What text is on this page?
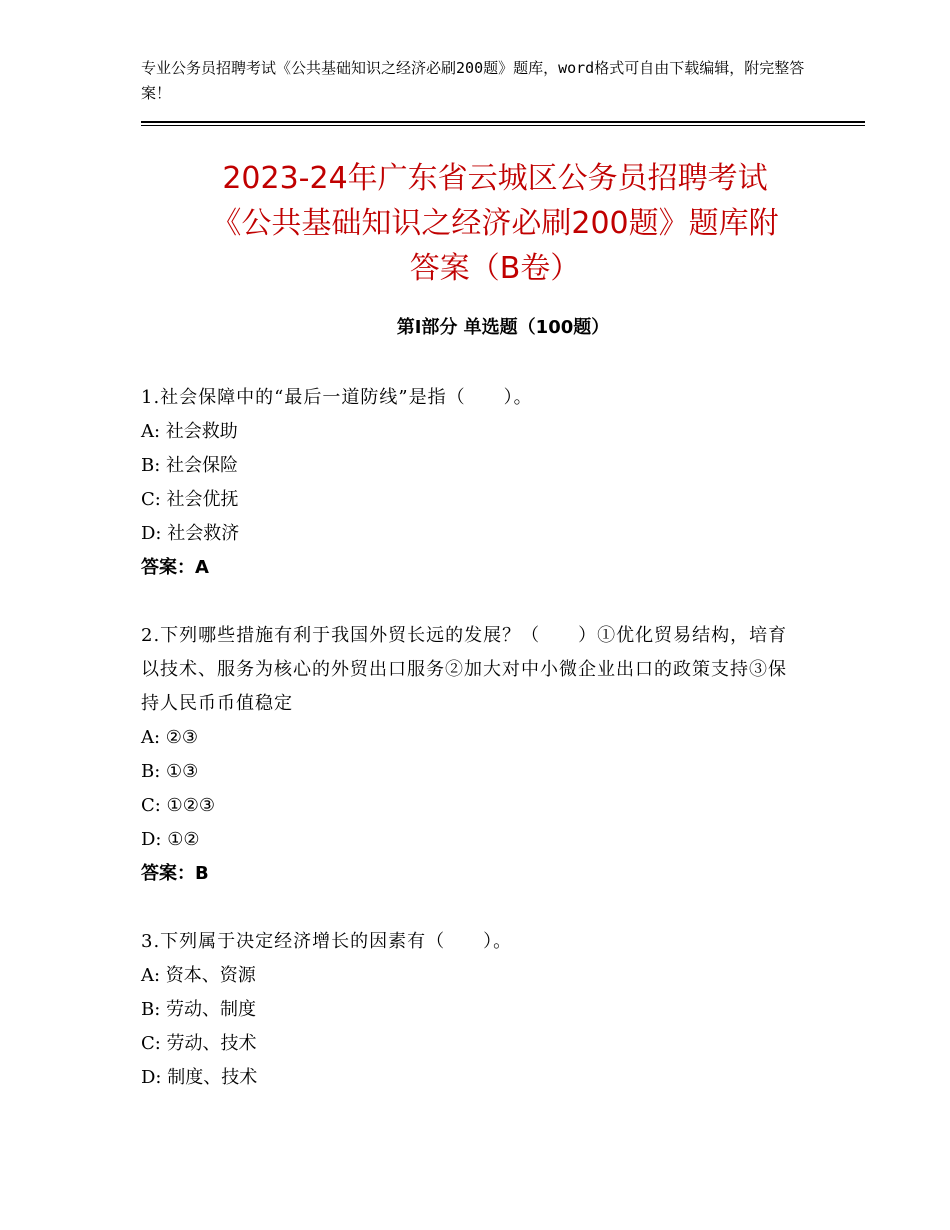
专业公务员招聘考试《公共基础知识之经济必刷200题》题库，word格式可自由下载编辑，附完整答案！
2023-24年广东省云城区公务员招聘考试
《公共基础知识之经济必刷200题》题库附
答案（B卷）
第Ⅰ部分 单选题（100题）
1.社会保障中的“最后一道防线”是指（　　）。
A: 社会救助
B: 社会保险
C: 社会优抚
D: 社会救济
答案：A
2.下列哪些措施有利于我国外贸长远的发展？（　　）①优化贸易结构，培育以技术、服务为核心的外贸出口服务②加大对中小微企业出口的政策支持③保持人民币币值稳定
A: ②③
B: ①③
C: ①②③
D: ①②
答案：B
3.下列属于决定经济增长的因素有（　　）。
A: 资本、资源
B: 劳动、制度
C: 劳动、技术
D: 制度、技术
